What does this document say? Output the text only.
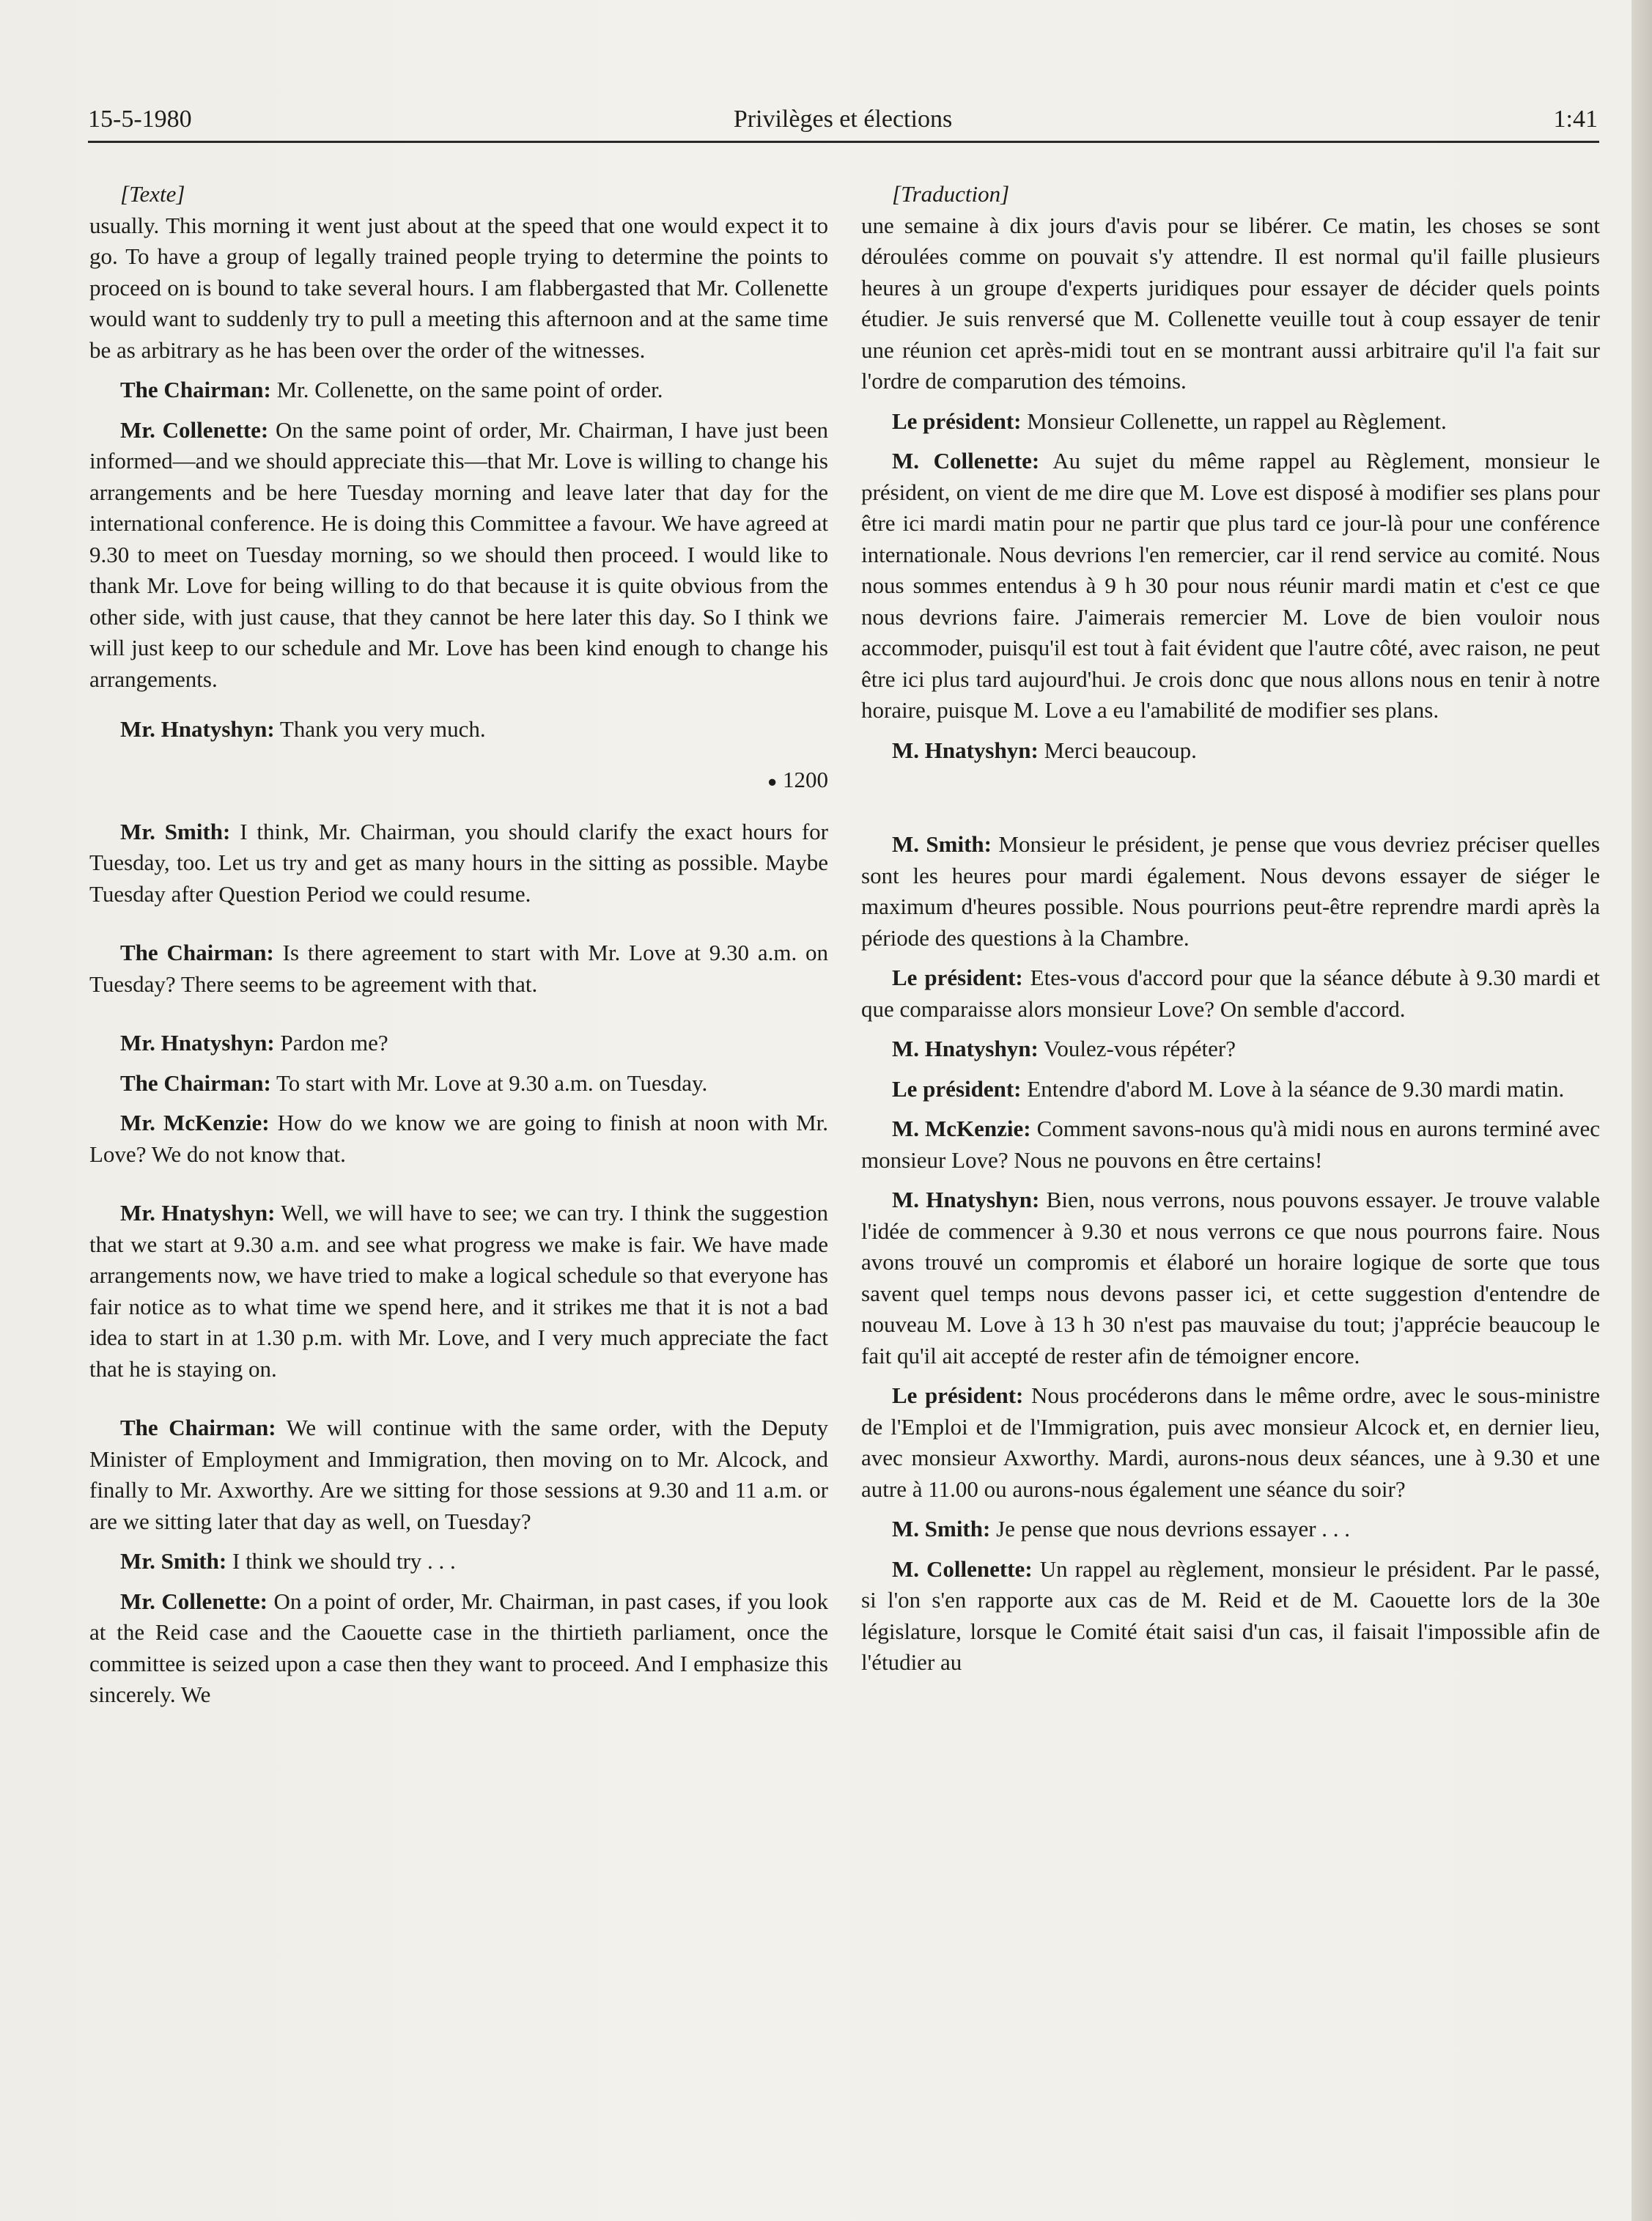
15-5-1980	Privilèges et élections	1:41

[Texte]

usually. This morning it went just about at the speed that one would expect it to go. To have a group of legally trained people trying to determine the points to proceed on is bound to take several hours. I am flabbergasted that Mr. Collenette would want to suddenly try to pull a meeting this afternoon and at the same time be as arbitrary as he has been over the order of the witnesses.

The Chairman: Mr. Collenette, on the same point of order.

Mr. Collenette: On the same point of order, Mr. Chairman, I have just been informed—and we should appreciate this—that Mr. Love is willing to change his arrangements and be here Tuesday morning and leave later that day for the international conference. He is doing this Committee a favour. We have agreed at 9.30 to meet on Tuesday morning, so we should then proceed. I would like to thank Mr. Love for being willing to do that because it is quite obvious from the other side, with just cause, that they cannot be here later this day. So I think we will just keep to our schedule and Mr. Love has been kind enough to change his arrangements.

Mr. Hnatyshyn: Thank you very much.

● 1200

Mr. Smith: I think, Mr. Chairman, you should clarify the exact hours for Tuesday, too. Let us try and get as many hours in the sitting as possible. Maybe Tuesday after Question Period we could resume.

The Chairman: Is there agreement to start with Mr. Love at 9.30 a.m. on Tuesday? There seems to be agreement with that.

Mr. Hnatyshyn: Pardon me?

The Chairman: To start with Mr. Love at 9.30 a.m. on Tuesday.

Mr. McKenzie: How do we know we are going to finish at noon with Mr. Love? We do not know that.

Mr. Hnatyshyn: Well, we will have to see; we can try. I think the suggestion that we start at 9.30 a.m. and see what progress we make is fair. We have made arrangements now, we have tried to make a logical schedule so that everyone has fair notice as to what time we spend here, and it strikes me that it is not a bad idea to start in at 1.30 p.m. with Mr. Love, and I very much appreciate the fact that he is staying on.

The Chairman: We will continue with the same order, with the Deputy Minister of Employment and Immigration, then moving on to Mr. Alcock, and finally to Mr. Axworthy. Are we sitting for those sessions at 9.30 and 11 a.m. or are we sitting later that day as well, on Tuesday?

Mr. Smith: I think we should try . . .

Mr. Collenette: On a point of order, Mr. Chairman, in past cases, if you look at the Reid case and the Caouette case in the thirtieth parliament, once the committee is seized upon a case then they want to proceed. And I emphasize this sincerely. We

[Traduction]

une semaine à dix jours d'avis pour se libérer. Ce matin, les choses se sont déroulées comme on pouvait s'y attendre. Il est normal qu'il faille plusieurs heures à un groupe d'experts juridiques pour essayer de décider quels points étudier. Je suis renversé que M. Collenette veuille tout à coup essayer de tenir une réunion cet après-midi tout en se montrant aussi arbitraire qu'il l'a fait sur l'ordre de comparution des témoins.

Le président: Monsieur Collenette, un rappel au Règlement.

M. Collenette: Au sujet du même rappel au Règlement, monsieur le président, on vient de me dire que M. Love est disposé à modifier ses plans pour être ici mardi matin pour ne partir que plus tard ce jour-là pour une conférence internationale. Nous devrions l'en remercier, car il rend service au comité. Nous nous sommes entendus à 9 h 30 pour nous réunir mardi matin et c'est ce que nous devrions faire. J'aimerais remercier M. Love de bien vouloir nous accommoder, puisqu'il est tout à fait évident que l'autre côté, avec raison, ne peut être ici plus tard aujourd'hui. Je crois donc que nous allons nous en tenir à notre horaire, puisque M. Love a eu l'amabilité de modifier ses plans.

M. Hnatyshyn: Merci beaucoup.

M. Smith: Monsieur le président, je pense que vous devriez préciser quelles sont les heures pour mardi également. Nous devons essayer de siéger le maximum d'heures possible. Nous pourrions peut-être reprendre mardi après la période des questions à la Chambre.

Le président: Etes-vous d'accord pour que la séance débute à 9.30 mardi et que comparaisse alors monsieur Love? On semble d'accord.

M. Hnatyshyn: Voulez-vous répéter?

Le président: Entendre d'abord M. Love à la séance de 9.30 mardi matin.

M. McKenzie: Comment savons-nous qu'à midi nous en aurons terminé avec monsieur Love? Nous ne pouvons en être certains!

M. Hnatyshyn: Bien, nous verrons, nous pouvons essayer. Je trouve valable l'idée de commencer à 9.30 et nous verrons ce que nous pourrons faire. Nous avons trouvé un compromis et élaboré un horaire logique de sorte que tous savent quel temps nous devons passer ici, et cette suggestion d'entendre de nouveau M. Love à 13 h 30 n'est pas mauvaise du tout; j'apprécie beaucoup le fait qu'il ait accepté de rester afin de témoigner encore.

Le président: Nous procéderons dans le même ordre, avec le sous-ministre de l'Emploi et de l'Immigration, puis avec monsieur Alcock et, en dernier lieu, avec monsieur Axworthy. Mardi, aurons-nous deux séances, une à 9.30 et une autre à 11.00 ou aurons-nous également une séance du soir?

M. Smith: Je pense que nous devrions essayer . . .

M. Collenette: Un rappel au règlement, monsieur le président. Par le passé, si l'on s'en rapporte aux cas de M. Reid et de M. Caouette lors de la 30e législature, lorsque le Comité était saisi d'un cas, il faisait l'impossible afin de l'étudier au
